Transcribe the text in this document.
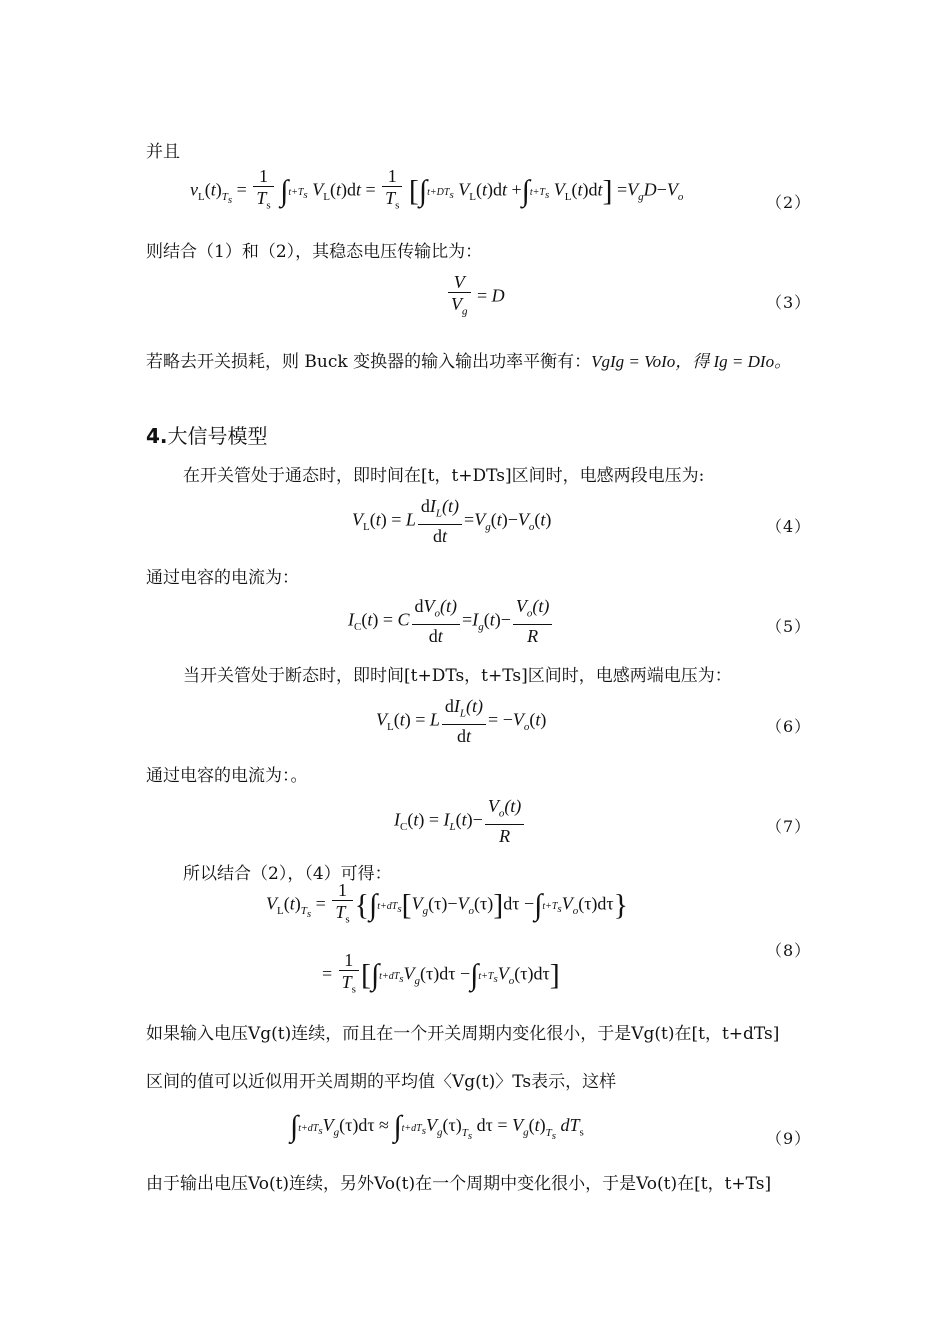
并且
$v_L(t)_{T_s} = \frac{1}{T_s} \int t+T_s$ $V_L(t)dt = \frac{1}{T_s} [\int t+DT_s$ $V_L(t)dt +\int t+T_s$ $V_L(t)dt] =V_gD-V_o$	（2）
则结合（1）和（2），其稳态电压传输比为：
$\frac{V}{V_g} = D$	（3）
若略去开关损耗，则 Buck 变换器的输入输出功率平衡有：VgIg = VoIo，得 Ig = DIo。
4.大信号模型
在开关管处于通态时，即时间在[t，t+DTs]区间时，电感两段电压为:
$V_L(t) = L \frac{dI_L(t)}{dt} =V_g(t)-V_o(t)$	（4）
通过电容的电流为：
$I_C(t) = C \frac{dV_o(t)}{dt} =I_g(t)- \frac{V_o(t)}{R}$	（5）
当开关管处于断态时，即时间[t+DTs，t+Ts]区间时，电感两端电压为：
$V_L(t) = L \frac{dI_L(t)}{dt} = -V_o(t)$	（6）
通过电容的电流为：。
$I_C(t) = I_L(t)- \frac{V_o(t)}{R}$	（7）
所以结合（2），（4）可得：
$V_L(t)_{T_s} = \frac{1}{T_s} \{\int t+dT_s[V_g(\tau)-V_o(\tau)]d\tau -\int t+T_sV_o(\tau)d\tau\}$
= $\frac{1}{T_s} [\int t+dT_sV_g(\tau)d\tau -\int t+T_sV_o(\tau)d\tau]$
（8）
如果输入电压Vg(t)连续，而且在一个开关周期内变化很小，于是Vg(t)在[t，t+dTs]
区间的值可以近似用开关周期的平均值〈Vg(t)〉Ts表示，这样
$\int t+dT_sV_g(\tau)d\tau \approx \int t+dT_sV_g(\tau)_{T_s}$ $d\tau = V_g(t)_{T_s}$ $dT_s$	（9）
由于输出电压Vo(t)连续，另外Vo(t)在一个周期中变化很小，于是Vo(t)在[t，t+Ts]
